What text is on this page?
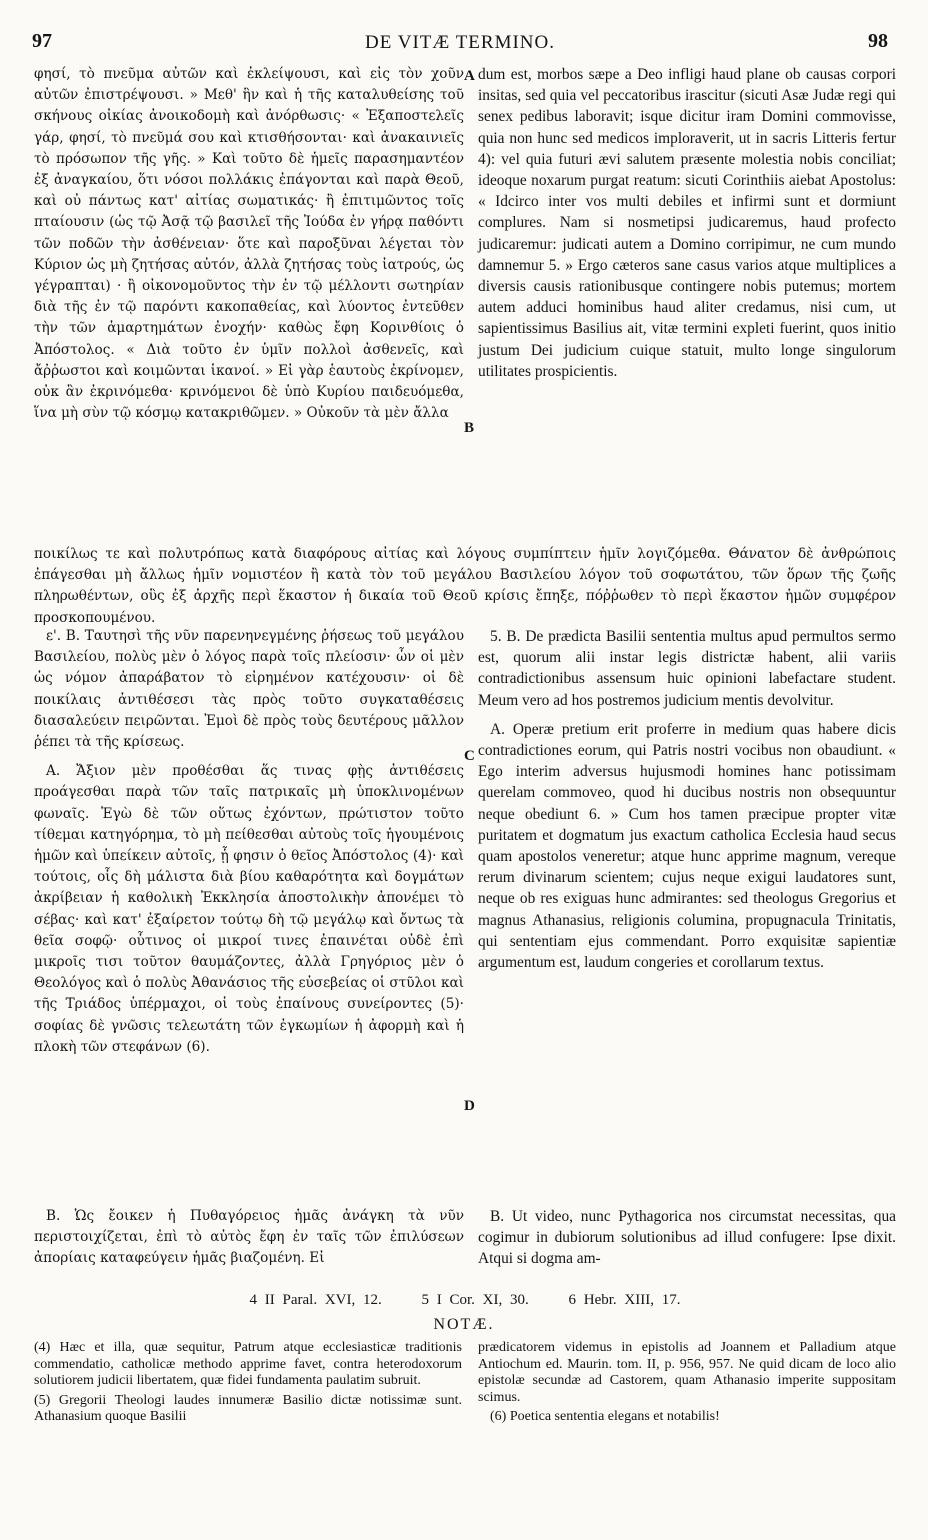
97	DE VITÆ TERMINO.	98
A
B
C
D

φησί, τὸ πνεῦμα αὐτῶν καὶ ἐκλείψουσι, καὶ εἰς τὸν χοῦν αὐτῶν ἐπιστρέψουσι. » Μεθ' ἣν καὶ ἡ τῆς καταλυθείσης τοῦ σκήνους οἰκίας ἀνοικοδομὴ καὶ ἀνόρθωσις· « Ἐξαποστελεῖς γάρ, φησί, τὸ πνεῦμά σου καὶ κτισθήσονται· καὶ ἀνακαινιεῖς τὸ πρόσωπον τῆς γῆς. » Καὶ τοῦτο δὲ ἡμεῖς παρασημαντέον ἐξ ἀναγκαίου, ὅτι νόσοι πολλάκις ἐπάγονται καὶ παρὰ Θεοῦ, καὶ οὐ πάντως κατ' αἰτίας σωματικάς· ἢ ἐπιτιμῶντος τοῖς πταίουσιν (ὡς τῷ Ἀσᾷ τῷ βασιλεῖ τῆς Ἰούδα ἐν γήρᾳ παθόντι τῶν ποδῶν τὴν ἀσθένειαν· ὅτε καὶ παροξῦναι λέγεται τὸν Κύριον ὡς μὴ ζητήσας αὐτόν, ἀλλὰ ζητήσας τοὺς ἰατρούς, ὡς γέγραπται) · ἢ οἰκονομοῦντος τὴν ἐν τῷ μέλλοντι σωτηρίαν διὰ τῆς ἐν τῷ παρόντι κακοπαθείας, καὶ λύοντος ἐντεῦθεν τὴν τῶν ἁμαρτημάτων ἐνοχήν· καθὼς ἔφη Κορινθίοις ὁ Ἀπόστολος. « Διὰ τοῦτο ἐν ὑμῖν πολλοὶ ἀσθενεῖς, καὶ ἄῤῥωστοι καὶ κοιμῶνται ἱκανοί. » Εἰ γὰρ ἑαυτοὺς ἐκρίνομεν, οὐκ ἂν ἐκρινόμεθα· κρινόμενοι δὲ ὑπὸ Κυρίου παιδευόμεθα, ἵνα μὴ σὺν τῷ κόσμῳ κατακριθῶμεν. » Οὐκοῦν τὰ μὲν ἄλλα

dum est, morbos sæpe a Deo infligi haud plane ob causas corpori insitas, sed quia vel peccatoribus irascitur (sicuti Asæ Judæ regi qui senex pedibus laboravit; isque dicitur iram Domini commovisse, quia non hunc sed medicos imploraverit, ut in sacris Litteris fertur 4): vel quia futuri ævi salutem præsente molestia nobis conciliat; ideoque noxarum purgat reatum: sicuti Corinthiis aiebat Apostolus: « Idcirco inter vos multi debiles et infirmi sunt et dormiunt complures. Nam si nosmetipsi judicaremus, haud profecto judicaremur: judicati autem a Domino corripimur, ne cum mundo damnemur 5. » Ergo cæteros sane casus varios atque multiplices a diversis causis rationibusque contingere nobis putemus; mortem autem adduci hominibus haud aliter credamus, nisi cum, ut sapientissimus Basilius ait, vitæ termini expleti fuerint, quos initio justum Dei judicium cuique statuit, multo longe singulorum utilitates prospicientis.

ποικίλως τε καὶ πολυτρόπως κατὰ διαφόρους αἰτίας καὶ λόγους συμπίπτειν ἡμῖν λογιζόμεθα. Θάνατον δὲ ἀνθρώποις ἐπάγεσθαι μὴ ἄλλως ἡμῖν νομιστέον ἢ κατὰ τὸν τοῦ μεγάλου Βασιλείου λόγον τοῦ σοφωτάτου, τῶν ὅρων τῆς ζωῆς πληρωθέντων, οὓς ἐξ ἀρχῆς περὶ ἕκαστον ἡ δικαία τοῦ Θεοῦ κρίσις ἔπηξε, πόῤῥωθεν τὸ περὶ ἕκαστον ἡμῶν συμφέρον προσκοπουμένου.

ε'. Β. Ταυτησὶ τῆς νῦν παρενηνεγμένης ῥήσεως τοῦ μεγάλου Βασιλείου, πολὺς μὲν ὁ λόγος παρὰ τοῖς πλείοσιν· ὧν οἱ μὲν ὡς νόμον ἀπαράβατον τὸ εἰρημένον κατέχουσιν· οἱ δὲ ποικίλαις ἀντιθέσεσι τὰς πρὸς τοῦτο συγκαταθέσεις διασαλεύειν πειρῶνται. Ἐμοὶ δὲ πρὸς τοὺς δευτέρους μᾶλλον ῥέπει τὰ τῆς κρίσεως.

Α. Ἄξιον μὲν προθέσθαι ἅς τινας φῂς ἀντιθέσεις προάγεσθαι παρὰ τῶν ταῖς πατρικαῖς μὴ ὑποκλινομένων φωναῖς. Ἐγὼ δὲ τῶν οὕτως ἐχόντων, πρώτιστον τοῦτο τίθεμαι κατηγόρημα, τὸ μὴ πείθεσθαι αὐτοὺς τοῖς ἡγουμένοις ἡμῶν καὶ ὑπείκειν αὐτοῖς, ᾗ φησιν ὁ θεῖος Ἀπόστολος (4)· καὶ τούτοις, οἷς δὴ μάλιστα διὰ βίου καθαρότητα καὶ δογμάτων ἀκρίβειαν ἡ καθολικὴ Ἐκκλησία ἀποστολικὴν ἀπονέμει τὸ σέβας· καὶ κατ' ἐξαίρετον τούτῳ δὴ τῷ μεγάλῳ καὶ ὄντως τὰ θεῖα σοφῷ· οὗτινος οἱ μικροί τινες ἐπαινέται οὐδὲ ἐπὶ μικροῖς τισι τοῦτον θαυμάζοντες, ἀλλὰ Γρηγόριος μὲν ὁ Θεολόγος καὶ ὁ πολὺς Ἀθανάσιος τῆς εὐσεβείας οἱ στῦλοι καὶ τῆς Τριάδος ὑπέρμαχοι, οἱ τοὺς ἐπαίνους συνείροντες (5)· σοφίας δὲ γνῶσις τελεωτάτη τῶν ἐγκωμίων ἡ ἀφορμὴ καὶ ἡ πλοκὴ τῶν στεφάνων (6).

5. B. De prædicta Basilii sententia multus apud permultos sermo est, quorum alii instar legis districtæ habent, alii variis contradictionibus assensum huic opinioni labefactare student. Meum vero ad hos postremos judicium mentis devolvitur.

A. Operæ pretium erit proferre in medium quas habere dicis contradictiones eorum, qui Patris nostri vocibus non obaudiunt. « Ego interim adversus hujusmodi homines hanc potissimam querelam commoveo, quod hi ducibus nostris non obsequuntur neque obediunt 6. » Cum hos tamen præcipue propter vitæ puritatem et dogmatum jus exactum catholica Ecclesia haud secus quam apostolos veneretur; atque hunc apprime magnum, vereque rerum divinarum scientem; cujus neque exigui laudatores sunt, neque ob res exiguas hunc admirantes: sed theologus Gregorius et magnus Athanasius, religionis columina, propugnacula Trinitatis, qui sententiam ejus commendant. Porro exquisitæ sapientiæ argumentum est, laudum congeries et corollarum textus.

Β. Ὡς ἔοικεν ἡ Πυθαγόρειος ἡμᾶς ἀνάγκη τὰ νῦν περιστοιχίζεται, ἐπὶ τὸ αὐτὸς ἔφη ἐν ταῖς τῶν ἐπιλύσεων ἀπορίαις καταφεύγειν ἡμᾶς βιαζομένη. Εἰ

B. Ut video, nunc Pythagorica nos circumstat necessitas, qua cogimur in dubiorum solutionibus ad illud confugere: Ipse dixit. Atqui si dogma am-

4 II Paral. XVI, 12.	5 I Cor. XI, 30.	6 Hebr. XIII, 17.
NOTÆ.

(4) Hæc et illa, quæ sequitur, Patrum atque ecclesiasticæ traditionis commendatio, catholicæ methodo apprime favet, contra heterodoxorum solutiorem judicii libertatem, quæ fidei fundamenta paulatim subruit.

(5) Gregorii Theologi laudes innumeræ Basilio dictæ notissimæ sunt. Athanasium quoque Basilii

prædicatorem videmus in epistolis ad Joannem et Palladium atque Antiochum ed. Maurin. tom. II, p. 956, 957. Ne quid dicam de loco alio epistolæ secundæ ad Castorem, quam Athanasio imperite suppositam scimus.

(6) Poetica sententia elegans et notabilis!
